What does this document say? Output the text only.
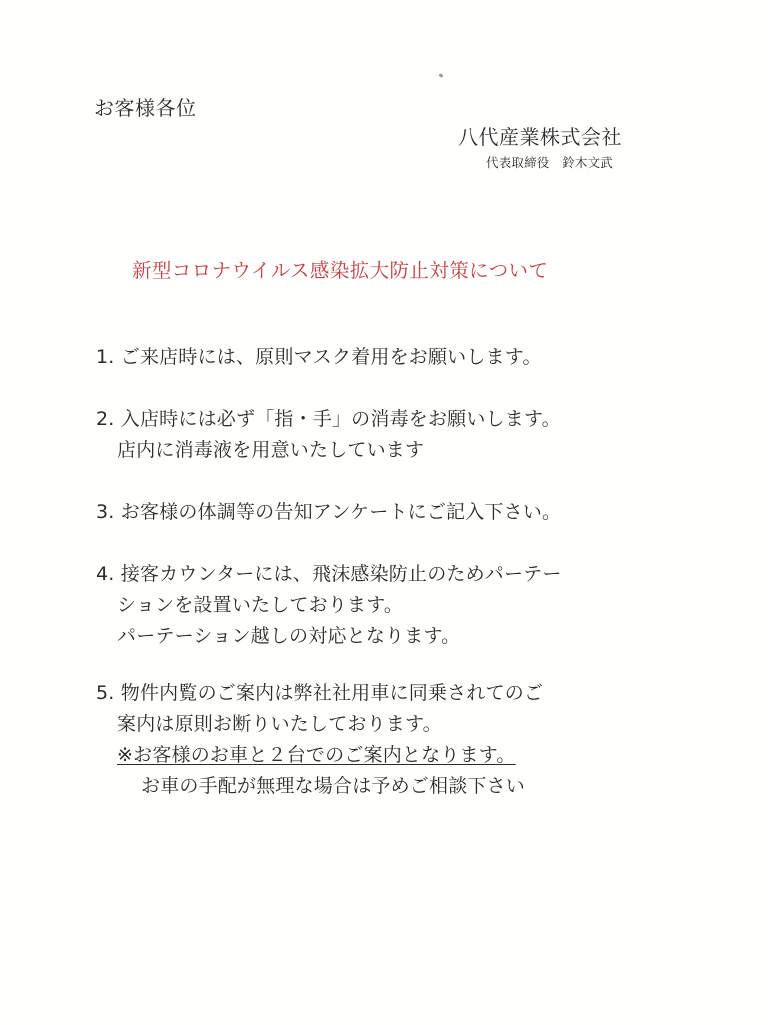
お客様各位
八代産業株式会社
代表取締役　鈴木文武
新型コロナウイルス感染拡大防止対策について
1. ご来店時には、原則マスク着用をお願いします。
2. 入店時には必ず「指・手」の消毒をお願いします。
店内に消毒液を用意いたしています
3. お客様の体調等の告知アンケートにご記入下さい。
4. 接客カウンターには、飛沫感染防止のためパーテー
ションを設置いたしております。
パーテーション越しの対応となります。
5. 物件内覧のご案内は弊社社用車に同乗されてのご
案内は原則お断りいたしております。
※お客様のお車と２台でのご案内となります。
お車の手配が無理な場合は予めご相談下さい
